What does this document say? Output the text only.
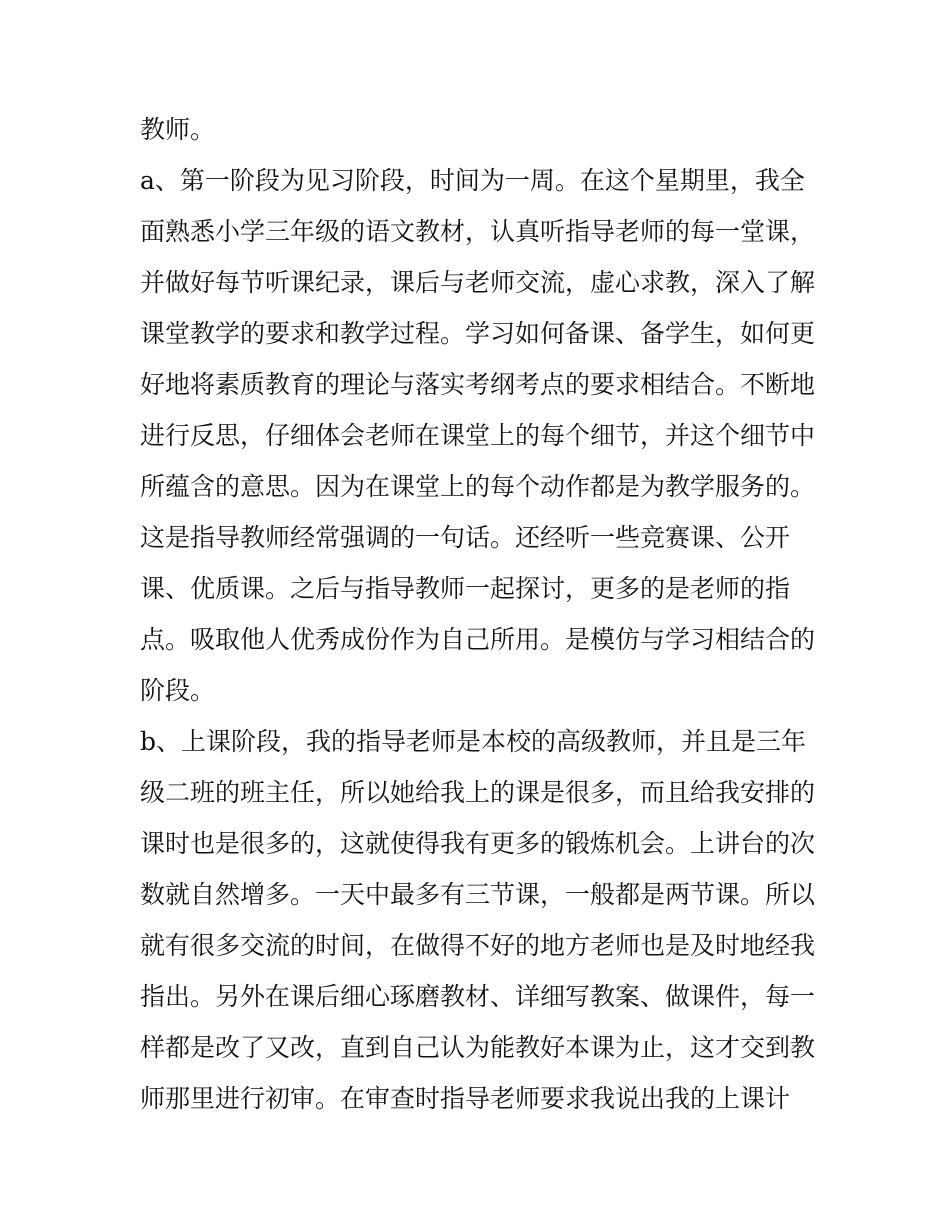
教师。
a、第一阶段为见习阶段，时间为一周。在这个星期里，我全
面熟悉小学三年级的语文教材，认真听指导老师的每一堂课，
并做好每节听课纪录，课后与老师交流，虚心求教，深入了解
课堂教学的要求和教学过程。学习如何备课、备学生，如何更
好地将素质教育的理论与落实考纲考点的要求相结合。不断地
进行反思，仔细体会老师在课堂上的每个细节，并这个细节中
所蕴含的意思。因为在课堂上的每个动作都是为教学服务的。
这是指导教师经常强调的一句话。还经听一些竞赛课、公开
课、优质课。之后与指导教师一起探讨，更多的是老师的指
点。吸取他人优秀成份作为自己所用。是模仿与学习相结合的
阶段。
b、上课阶段，我的指导老师是本校的高级教师，并且是三年
级二班的班主任，所以她给我上的课是很多，而且给我安排的
课时也是很多的，这就使得我有更多的锻炼机会。上讲台的次
数就自然增多。一天中最多有三节课，一般都是两节课。所以
就有很多交流的时间，在做得不好的地方老师也是及时地经我
指出。另外在课后细心琢磨教材、详细写教案、做课件，每一
样都是改了又改，直到自己认为能教好本课为止，这才交到教
师那里进行初审。在审查时指导老师要求我说出我的上课计
